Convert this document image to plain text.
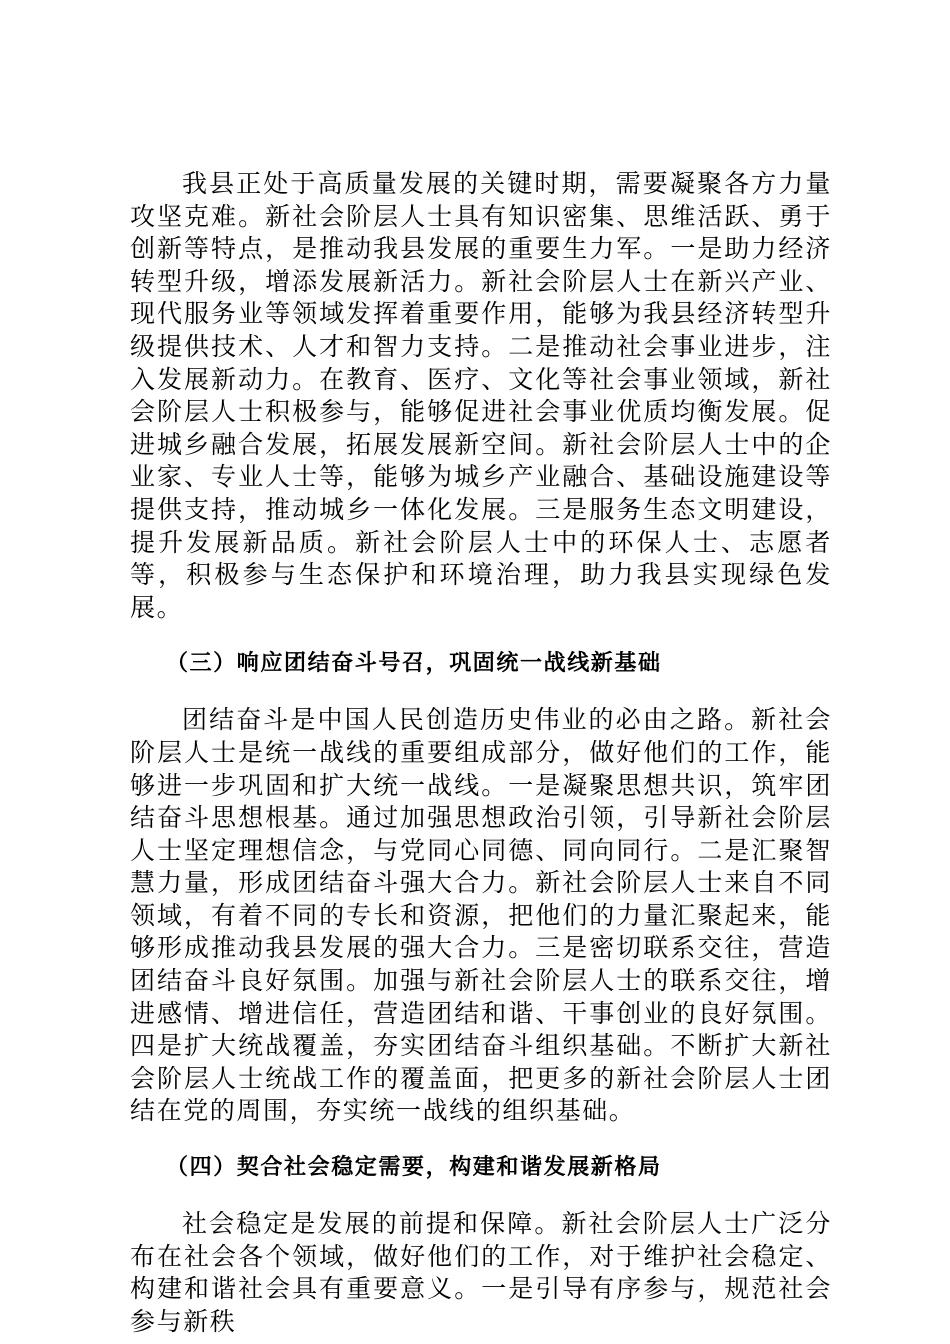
我县正处于高质量发展的关键时期，需要凝聚各方力量攻坚克难。新社会阶层人士具有知识密集、思维活跃、勇于创新等特点，是推动我县发展的重要生力军。一是助力经济转型升级，增添发展新活力。新社会阶层人士在新兴产业、现代服务业等领域发挥着重要作用，能够为我县经济转型升级提供技术、人才和智力支持。二是推动社会事业进步，注入发展新动力。在教育、医疗、文化等社会事业领域，新社会阶层人士积极参与，能够促进社会事业优质均衡发展。促进城乡融合发展，拓展发展新空间。新社会阶层人士中的企业家、专业人士等，能够为城乡产业融合、基础设施建设等提供支持，推动城乡一体化发展。三是服务生态文明建设，提升发展新品质。新社会阶层人士中的环保人士、志愿者等，积极参与生态保护和环境治理，助力我县实现绿色发展。

（三）响应团结奋斗号召，巩固统一战线新基础

团结奋斗是中国人民创造历史伟业的必由之路。新社会阶层人士是统一战线的重要组成部分，做好他们的工作，能够进一步巩固和扩大统一战线。一是凝聚思想共识，筑牢团结奋斗思想根基。通过加强思想政治引领，引导新社会阶层人士坚定理想信念，与党同心同德、同向同行。二是汇聚智慧力量，形成团结奋斗强大合力。新社会阶层人士来自不同领域，有着不同的专长和资源，把他们的力量汇聚起来，能够形成推动我县发展的强大合力。三是密切联系交往，营造团结奋斗良好氛围。加强与新社会阶层人士的联系交往，增进感情、增进信任，营造团结和谐、干事创业的良好氛围。四是扩大统战覆盖，夯实团结奋斗组织基础。不断扩大新社会阶层人士统战工作的覆盖面，把更多的新社会阶层人士团结在党的周围，夯实统一战线的组织基础。

（四）契合社会稳定需要，构建和谐发展新格局

社会稳定是发展的前提和保障。新社会阶层人士广泛分布在社会各个领域，做好他们的工作，对于维护社会稳定、构建和谐社会具有重要意义。一是引导有序参与，规范社会参与新秩
